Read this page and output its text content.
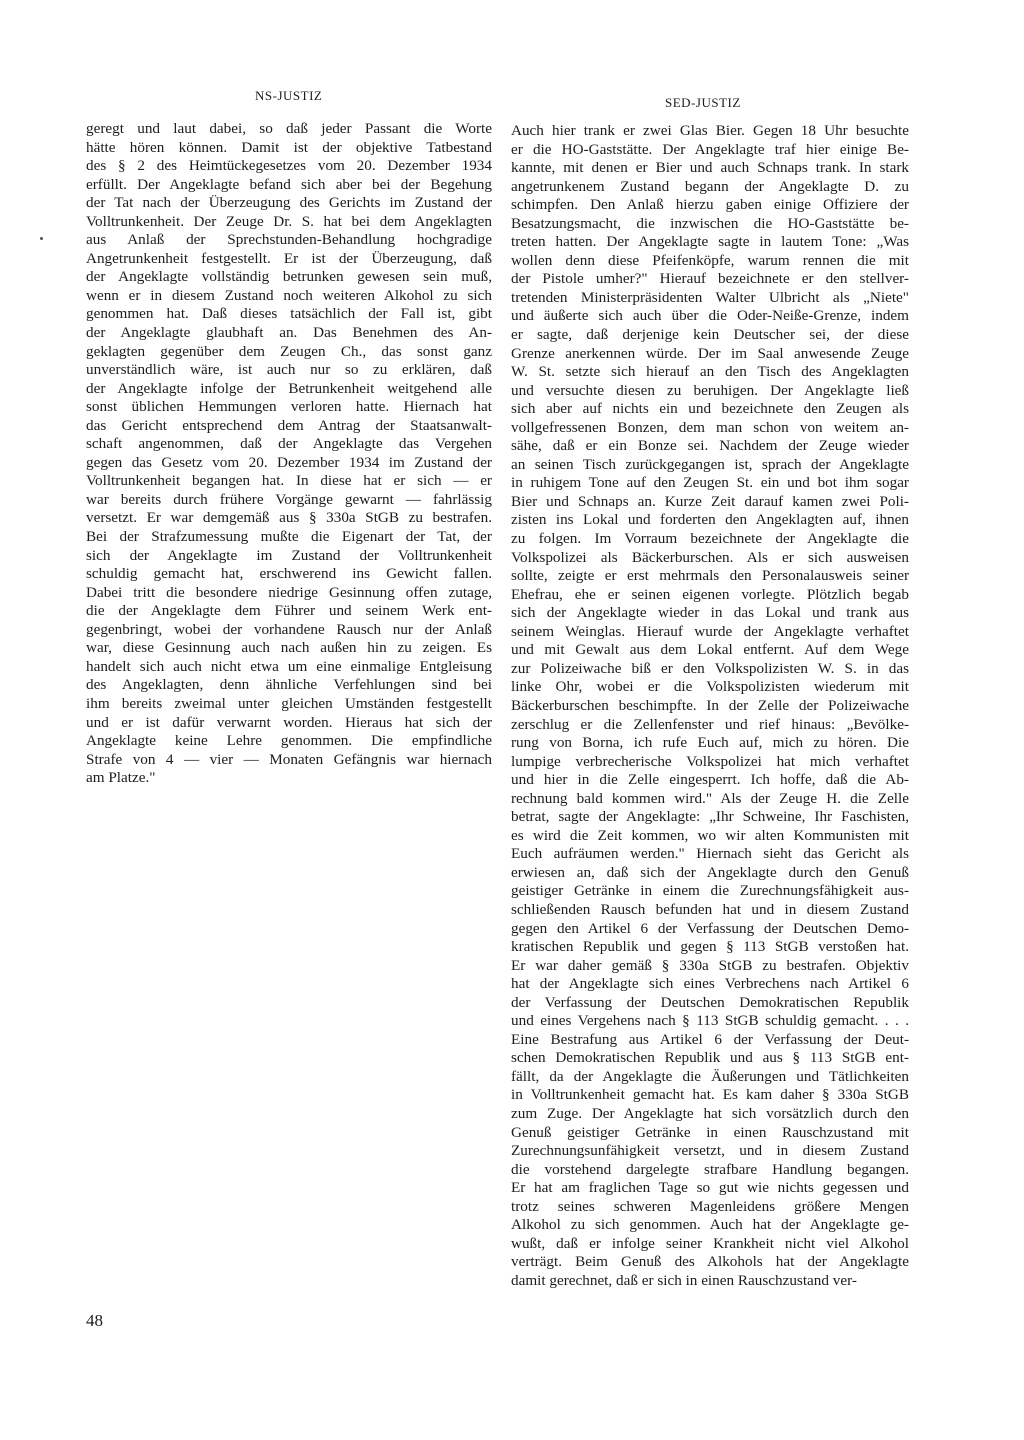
NS-JUSTIZ	SED-JUSTIZ
geregt und laut dabei, so daß jeder Passant die Worte
hätte hören können. Damit ist der objektive Tatbestand
des § 2 des Heimtückegesetzes vom 20. Dezember 1934
erfüllt. Der Angeklagte befand sich aber bei der Begehung
der Tat nach der Überzeugung des Gerichts im Zustand der
Volltrunkenheit. Der Zeuge Dr. S. hat bei dem Angeklagten
aus Anlaß der Sprechstunden-Behandlung hochgradige
Angetrunkenheit festgestellt. Er ist der Überzeugung, daß
der Angeklagte vollständig betrunken gewesen sein muß,
wenn er in diesem Zustand noch weiteren Alkohol zu sich
genommen hat. Daß dieses tatsächlich der Fall ist, gibt
der Angeklagte glaubhaft an. Das Benehmen des An-
geklagten gegenüber dem Zeugen Ch., das sonst ganz
unverständlich wäre, ist auch nur so zu erklären, daß
der Angeklagte infolge der Betrunkenheit weitgehend alle
sonst üblichen Hemmungen verloren hatte. Hiernach hat
das Gericht entsprechend dem Antrag der Staatsanwalt-
schaft angenommen, daß der Angeklagte das Vergehen
gegen das Gesetz vom 20. Dezember 1934 im Zustand der
Volltrunkenheit begangen hat. In diese hat er sich — er
war bereits durch frühere Vorgänge gewarnt — fahrlässig
versetzt. Er war demgemäß aus § 330a StGB zu bestrafen.
Bei der Strafzumessung mußte die Eigenart der Tat, der
sich der Angeklagte im Zustand der Volltrunkenheit
schuldig gemacht hat, erschwerend ins Gewicht fallen.
Dabei tritt die besondere niedrige Gesinnung offen zutage,
die der Angeklagte dem Führer und seinem Werk ent-
gegenbringt, wobei der vorhandene Rausch nur der Anlaß
war, diese Gesinnung auch nach außen hin zu zeigen. Es
handelt sich auch nicht etwa um eine einmalige Entgleisung
des Angeklagten, denn ähnliche Verfehlungen sind bei
ihm bereits zweimal unter gleichen Umständen festgestellt
und er ist dafür verwarnt worden. Hieraus hat sich der
Angeklagte keine Lehre genommen. Die empfindliche
Strafe von 4 — vier — Monaten Gefängnis war hiernach
am Platze."
Auch hier trank er zwei Glas Bier. Gegen 18 Uhr besuchte
er die HO-Gaststätte. Der Angeklagte traf hier einige Be-
kannte, mit denen er Bier und auch Schnaps trank. In stark
angetrunkenem Zustand begann der Angeklagte D. zu
schimpfen. Den Anlaß hierzu gaben einige Offiziere der
Besatzungsmacht, die inzwischen die HO-Gaststätte be-
treten hatten. Der Angeklagte sagte in lautem Tone: „Was
wollen denn diese Pfeifenköpfe, warum rennen die mit
der Pistole umher?" Hierauf bezeichnete er den stellver-
tretenden Ministerpräsidenten Walter Ulbricht als „Niete"
und äußerte sich auch über die Oder-Neiße-Grenze, indem
er sagte, daß derjenige kein Deutscher sei, der diese
Grenze anerkennen würde. Der im Saal anwesende Zeuge
W. St. setzte sich hierauf an den Tisch des Angeklagten
und versuchte diesen zu beruhigen. Der Angeklagte ließ
sich aber auf nichts ein und bezeichnete den Zeugen als
vollgefressenen Bonzen, dem man schon von weitem an-
sähe, daß er ein Bonze sei. Nachdem der Zeuge wieder
an seinen Tisch zurückgegangen ist, sprach der Angeklagte
in ruhigem Tone auf den Zeugen St. ein und bot ihm sogar
Bier und Schnaps an. Kurze Zeit darauf kamen zwei Poli-
zisten ins Lokal und forderten den Angeklagten auf, ihnen
zu folgen. Im Vorraum bezeichnete der Angeklagte die
Volkspolizei als Bäckerburschen. Als er sich ausweisen
sollte, zeigte er erst mehrmals den Personalausweis seiner
Ehefrau, ehe er seinen eigenen vorlegte. Plötzlich begab
sich der Angeklagte wieder in das Lokal und trank aus
seinem Weinglas. Hierauf wurde der Angeklagte verhaftet
und mit Gewalt aus dem Lokal entfernt. Auf dem Wege
zur Polizeiwache biß er den Volkspolizisten W. S. in das
linke Ohr, wobei er die Volkspolizisten wiederum mit
Bäckerburschen beschimpfte. In der Zelle der Polizeiwache
zerschlug er die Zellenfenster und rief hinaus: „Bevölke-
rung von Borna, ich rufe Euch auf, mich zu hören. Die
lumpige verbrecherische Volkspolizei hat mich verhaftet
und hier in die Zelle eingesperrt. Ich hoffe, daß die Ab-
rechnung bald kommen wird." Als der Zeuge H. die Zelle
betrat, sagte der Angeklagte: „Ihr Schweine, Ihr Faschisten,
es wird die Zeit kommen, wo wir alten Kommunisten mit
Euch aufräumen werden." Hiernach sieht das Gericht als
erwiesen an, daß sich der Angeklagte durch den Genuß
geistiger Getränke in einem die Zurechnungsfähigkeit aus-
schließenden Rausch befunden hat und in diesem Zustand
gegen den Artikel 6 der Verfassung der Deutschen Demo-
kratischen Republik und gegen § 113 StGB verstoßen hat.
Er war daher gemäß § 330a StGB zu bestrafen. Objektiv
hat der Angeklagte sich eines Verbrechens nach Artikel 6
der Verfassung der Deutschen Demokratischen Republik
und eines Vergehens nach § 113 StGB schuldig gemacht. . . .
Eine Bestrafung aus Artikel 6 der Verfassung der Deut-
schen Demokratischen Republik und aus § 113 StGB ent-
fällt, da der Angeklagte die Äußerungen und Tätlichkeiten
in Volltrunkenheit gemacht hat. Es kam daher § 330a StGB
zum Zuge. Der Angeklagte hat sich vorsätzlich durch den
Genuß geistiger Getränke in einen Rauschzustand mit
Zurechnungsunfähigkeit versetzt, und in diesem Zustand
die vorstehend dargelegte strafbare Handlung begangen.
Er hat am fraglichen Tage so gut wie nichts gegessen und
trotz seines schweren Magenleidens größere Mengen
Alkohol zu sich genommen. Auch hat der Angeklagte ge-
wußt, daß er infolge seiner Krankheit nicht viel Alkohol
verträgt. Beim Genuß des Alkohols hat der Angeklagte
damit gerechnet, daß er sich in einen Rauschzustand ver-
48
